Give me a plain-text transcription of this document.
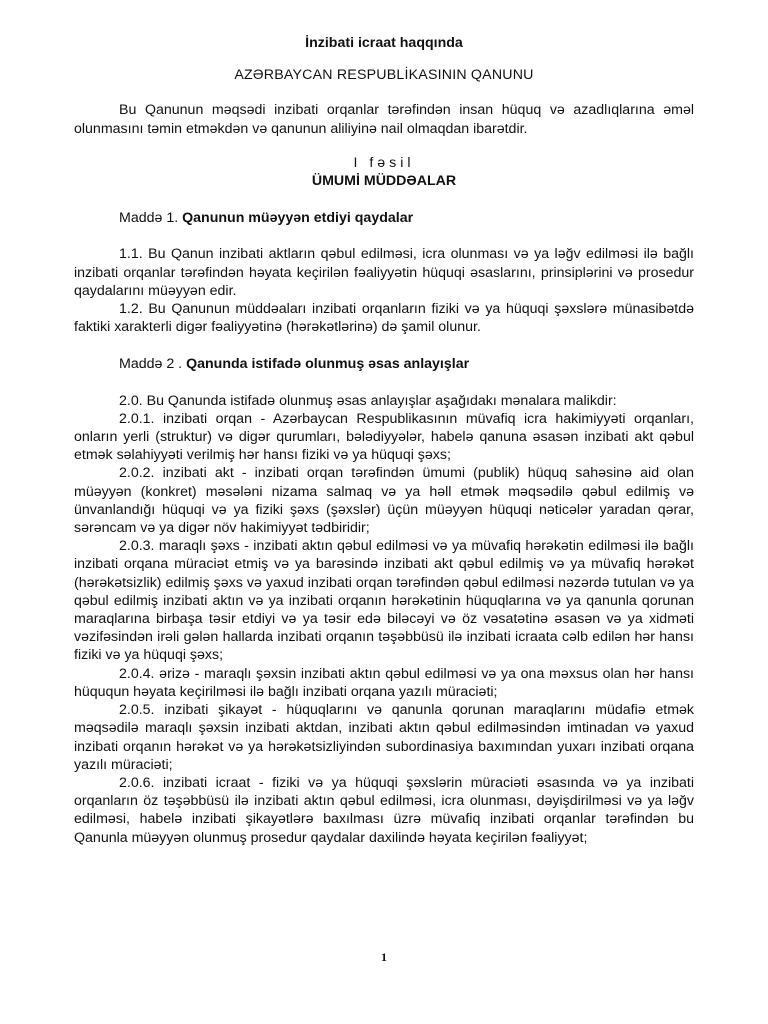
İnzibati icraat haqqında
AZƏRBAYCAN RESPUBLİKASININ QANUNU

Bu Qanunun məqsədi inzibati orqanlar tərəfindən insan hüquq və azadlıqlarına əməl olunmasını təmin etməkdən və qanunun aliliyinə nail olmaqdan ibarətdir.

I fəsil
ÜMUMİ MÜDDƏALAR
Maddə 1. Qanunun müəyyən etdiyi qaydalar

1.1. Bu Qanun inzibati aktların qəbul edilməsi, icra olunması və ya ləğv edilməsi ilə bağlı inzibati orqanlar tərəfindən həyata keçirilən fəaliyyətin hüquqi əsaslarını, prinsiplərini və prosedur qaydalarını müəyyən edir.

1.2. Bu Qanunun müddəaları inzibati orqanların fiziki və ya hüquqi şəxslərə münasibətdə faktiki xarakterli digər fəaliyyətinə (hərəkətlərinə) də şamil olunur.

Maddə 2 . Qanunda istifadə olunmuş əsas anlayışlar

2.0. Bu Qanunda istifadə olunmuş əsas anlayışlar aşağıdakı mənalara malikdir:

2.0.1. inzibati orqan - Azərbaycan Respublikasının müvafiq icra hakimiyyəti orqanları, onların yerli (struktur) və digər qurumları, bələdiyyələr, habelə qanuna əsasən inzibati akt qəbul etmək səlahiyyəti verilmiş hər hansı fiziki və ya hüquqi şəxs;

2.0.2. inzibati akt - inzibati orqan tərəfindən ümumi (publik) hüquq sahəsinə aid olan müəyyən (konkret) məsələni nizama salmaq və ya həll etmək məqsədilə qəbul edilmiş və ünvanlandığı hüquqi və ya fiziki şəxs (şəxslər) üçün müəyyən hüquqi nəticələr yaradan qərar, sərəncam və ya digər növ hakimiyyət tədbiridir;

2.0.3. maraqlı şəxs - inzibati aktın qəbul edilməsi və ya müvafiq hərəkətin edilməsi ilə bağlı inzibati orqana müraciət etmiş və ya barəsində inzibati akt qəbul edilmiş və ya müvafiq hərəkət (hərəkətsizlik) edilmiş şəxs və yaxud inzibati orqan tərəfindən qəbul edilməsi nəzərdə tutulan və ya qəbul edilmiş inzibati aktın və ya inzibati orqanın hərəkətinin hüquqlarına və ya qanunla qorunan maraqlarına birbaşa təsir etdiyi və ya təsir edə biləcəyi və öz vəsatətinə əsasən və ya xidməti vəzifəsindən irəli gələn hallarda inzibati orqanın təşəbbüsü ilə inzibati icraata cəlb edilən hər hansı fiziki və ya hüquqi şəxs;

2.0.4. ərizə - maraqlı şəxsin inzibati aktın qəbul edilməsi və ya ona məxsus olan hər hansı hüququn həyata keçirilməsi ilə bağlı inzibati orqana yazılı müraciəti;

2.0.5. inzibati şikayət - hüquqlarını və qanunla qorunan maraqlarını müdafiə etmək məqsədilə maraqlı şəxsin inzibati aktdan, inzibati aktın qəbul edilməsindən imtinadan və yaxud inzibati orqanın hərəkət və ya hərəkətsizliyindən subordinasiya baxımından yuxarı inzibati orqana yazılı müraciəti;

2.0.6. inzibati icraat - fiziki və ya hüquqi şəxslərin müraciəti əsasında və ya inzibati orqanların öz təşəbbüsü ilə inzibati aktın qəbul edilməsi, icra olunması, dəyişdirilməsi və ya ləğv edilməsi, habelə inzibati şikayətlərə baxılması üzrə müvafiq inzibati orqanlar tərəfindən bu Qanunla müəyyən olunmuş prosedur qaydalar daxilində həyata keçirilən fəaliyyət;

1
